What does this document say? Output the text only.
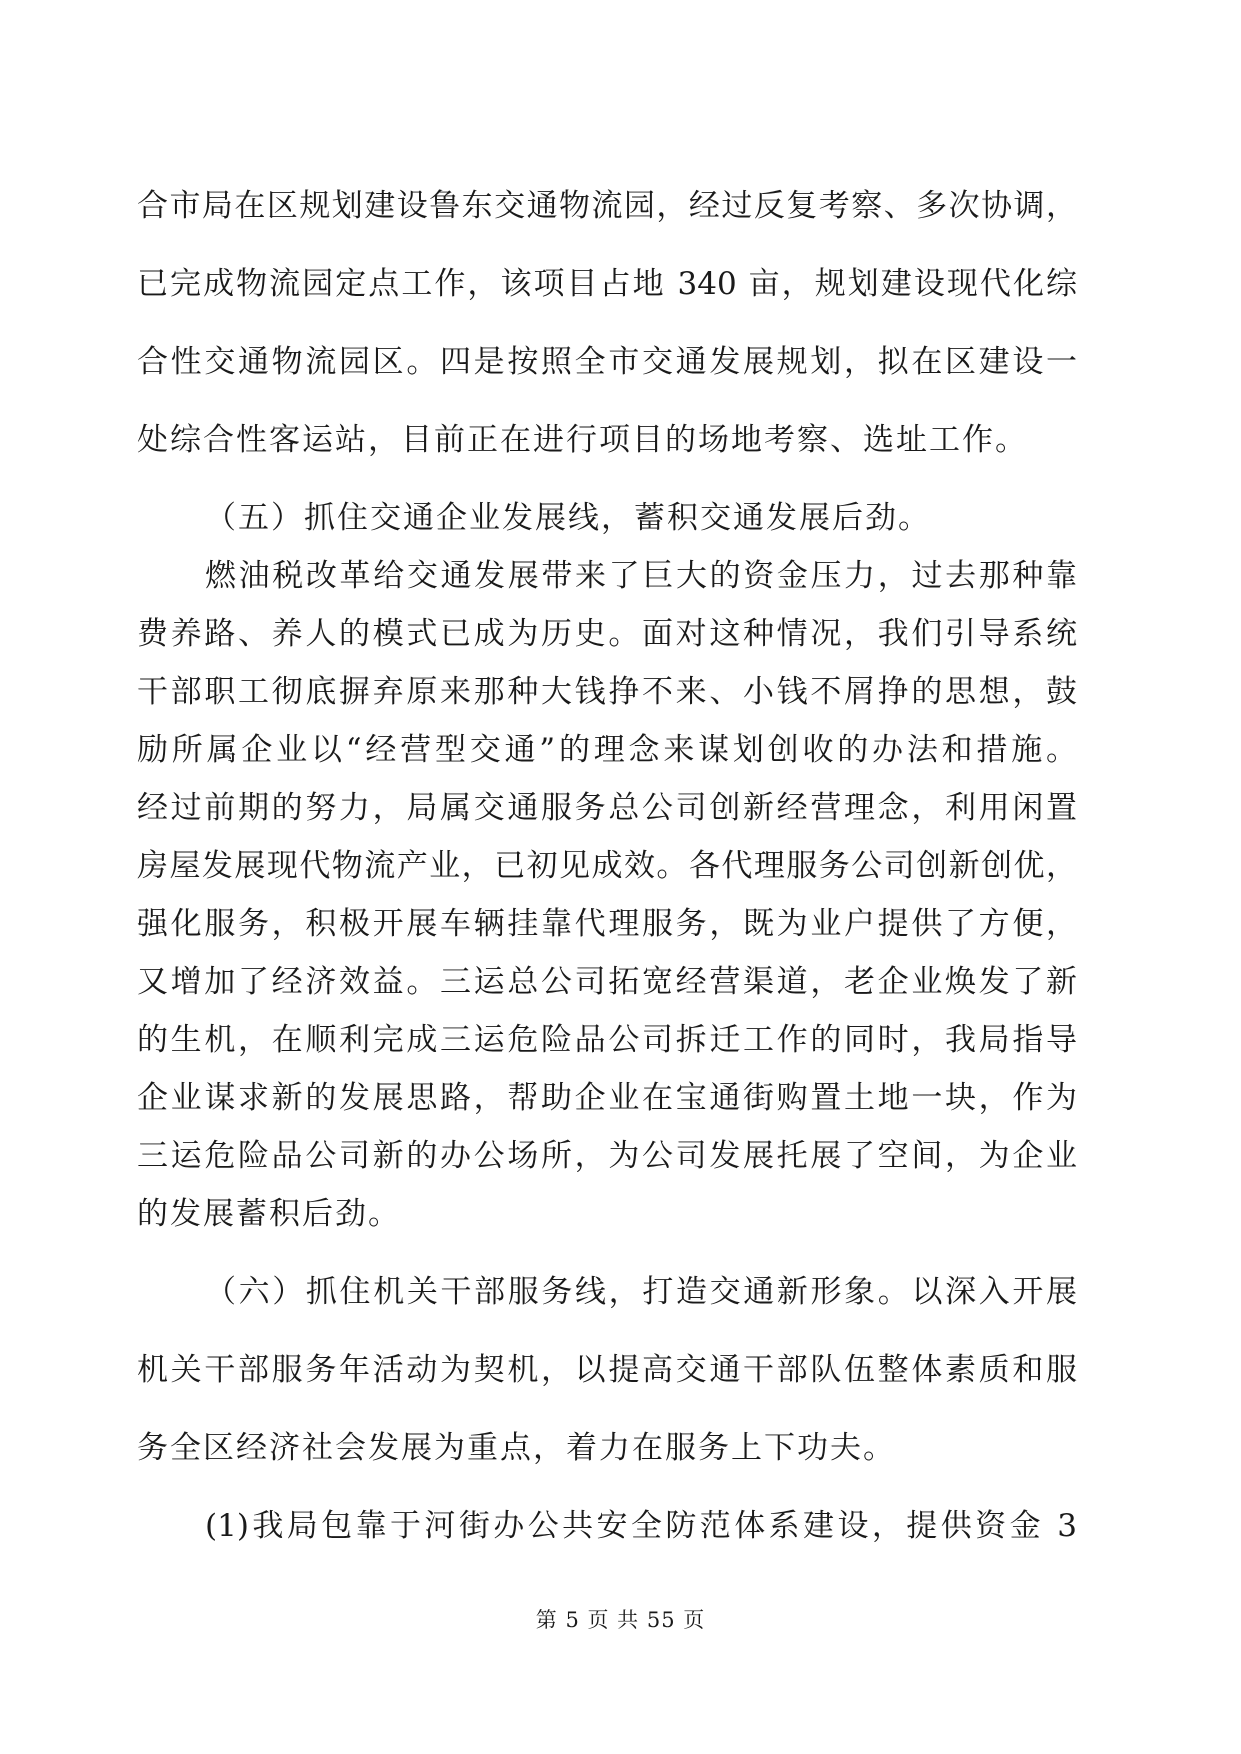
合市局在区规划建设鲁东交通物流园，经过反复考察、多次协调，
已完成物流园定点工作，该项目占地 340 亩，规划建设现代化综
合性交通物流园区。四是按照全市交通发展规划，拟在区建设一
处综合性客运站，目前正在进行项目的场地考察、选址工作。
（五）抓住交通企业发展线，蓄积交通发展后劲。
燃油税改革给交通发展带来了巨大的资金压力，过去那种靠
费养路、养人的模式已成为历史。面对这种情况，我们引导系统
干部职工彻底摒弃原来那种大钱挣不来、小钱不屑挣的思想，鼓
励所属企业以“经营型交通”的理念来谋划创收的办法和措施。
经过前期的努力，局属交通服务总公司创新经营理念，利用闲置
房屋发展现代物流产业，已初见成效。各代理服务公司创新创优，
强化服务，积极开展车辆挂靠代理服务，既为业户提供了方便，
又增加了经济效益。三运总公司拓宽经营渠道，老企业焕发了新
的生机，在顺利完成三运危险品公司拆迁工作的同时，我局指导
企业谋求新的发展思路，帮助企业在宝通街购置土地一块，作为
三运危险品公司新的办公场所，为公司发展托展了空间，为企业
的发展蓄积后劲。
（六）抓住机关干部服务线，打造交通新形象。以深入开展
机关干部服务年活动为契机，以提高交通干部队伍整体素质和服
务全区经济社会发展为重点，着力在服务上下功夫。
(1)我局包靠于河街办公共安全防范体系建设，提供资金 3
第 5 页 共 55 页
